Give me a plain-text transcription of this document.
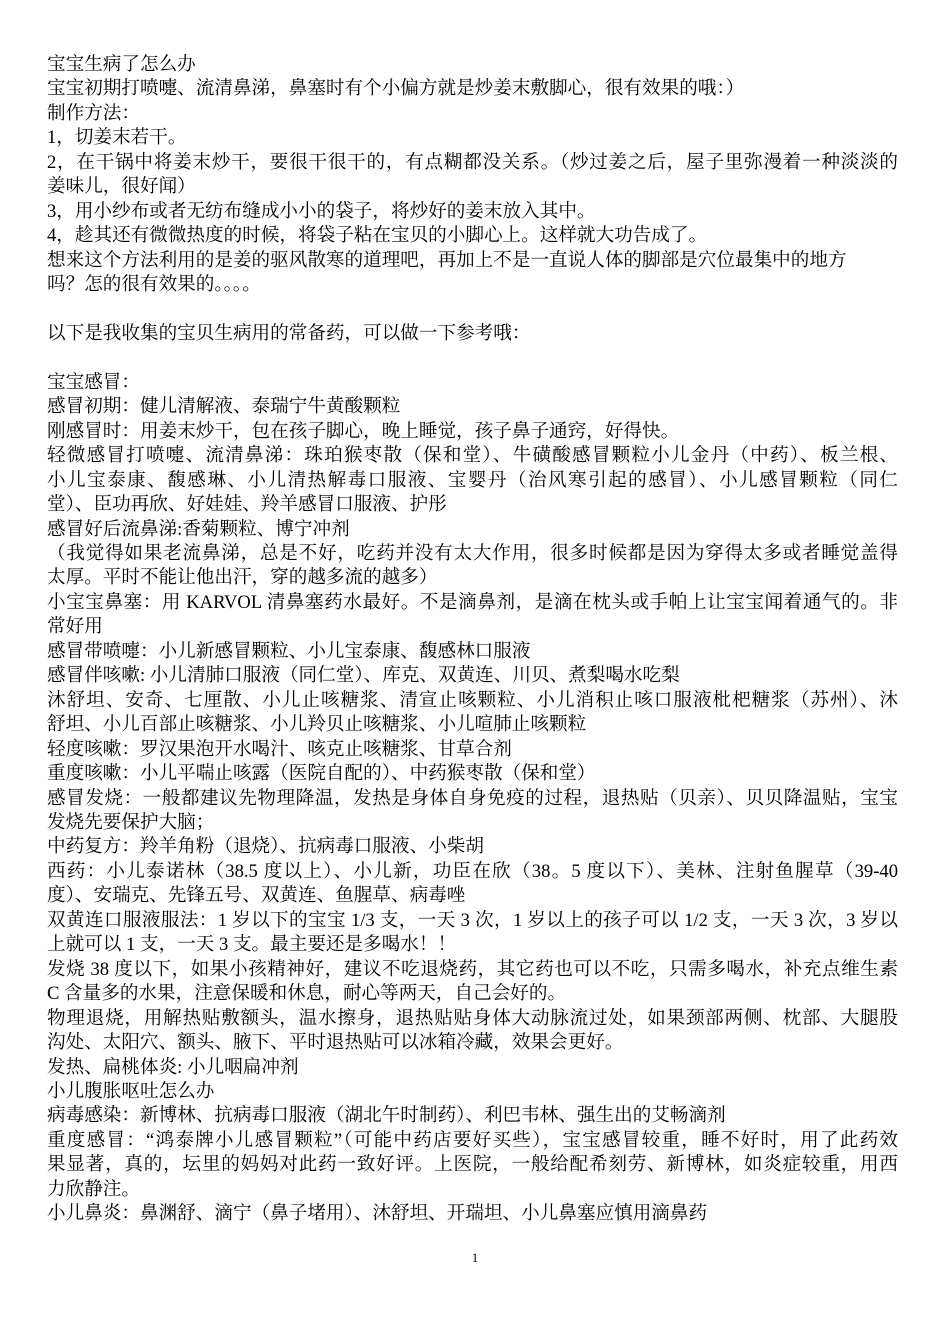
宝宝生病了怎么办
宝宝初期打喷嚏、流清鼻涕，鼻塞时有个小偏方就是炒姜末敷脚心，很有效果的哦：）
制作方法：
1，切姜末若干。
2，在干锅中将姜末炒干，要很干很干的，有点糊都没关系。（炒过姜之后，屋子里弥漫着一种淡淡的
姜味儿，很好闻）
3，用小纱布或者无纺布缝成小小的袋子，将炒好的姜末放入其中。
4，趁其还有微微热度的时候，将袋子粘在宝贝的小脚心上。这样就大功告成了。
想来这个方法利用的是姜的驱风散寒的道理吧，再加上不是一直说人体的脚部是穴位最集中的地方
吗？怎的很有效果的。。。。
以下是我收集的宝贝生病用的常备药，可以做一下参考哦：
宝宝感冒：
感冒初期：健儿清解液、泰瑞宁牛黄酸颗粒
刚感冒时：用姜末炒干，包在孩子脚心，晚上睡觉，孩子鼻子通窍，好得快。
轻微感冒打喷嚏、流清鼻涕：珠珀猴枣散（保和堂）、牛磺酸感冒颗粒小儿金丹（中药）、板兰根、
小儿宝泰康、馥感琳、小儿清热解毒口服液、宝婴丹（治风寒引起的感冒）、小儿感冒颗粒（同仁
堂）、臣功再欣、好娃娃、羚羊感冒口服液、护彤
感冒好后流鼻涕:香菊颗粒、博宁冲剂
（我觉得如果老流鼻涕，总是不好，吃药并没有太大作用，很多时候都是因为穿得太多或者睡觉盖得
太厚。平时不能让他出汗，穿的越多流的越多）
小宝宝鼻塞：用 KARVOL 清鼻塞药水最好。不是滴鼻剂，是滴在枕头或手帕上让宝宝闻着通气的。非
常好用
感冒带喷嚏：小儿新感冒颗粒、小儿宝泰康、馥感林口服液
感冒伴咳嗽: 小儿清肺口服液（同仁堂）、库克、双黄连、川贝、煮梨喝水吃梨
沐舒坦、安奇、七厘散、小儿止咳糖浆、清宣止咳颗粒、小儿消积止咳口服液枇杷糖浆（苏州）、沐
舒坦、小儿百部止咳糖浆、小儿羚贝止咳糖浆、小儿喧肺止咳颗粒
轻度咳嗽：罗汉果泡开水喝汁、咳克止咳糖浆、甘草合剂
重度咳嗽：小儿平喘止咳露（医院自配的）、中药猴枣散（保和堂）
感冒发烧：一般都建议先物理降温，发热是身体自身免疫的过程，退热贴（贝亲）、贝贝降温贴，宝宝
发烧先要保护大脑；
中药复方：羚羊角粉（退烧）、抗病毒口服液、小柴胡
西药：小儿泰诺林（38.5 度以上）、小儿新，功臣在欣（38。5 度以下）、美林、注射鱼腥草（39-40
度）、安瑞克、先锋五号、双黄连、鱼腥草、病毒唑
双黄连口服液服法：1 岁以下的宝宝 1/3 支，一天 3 次，1 岁以上的孩子可以 1/2 支，一天 3 次，3 岁以
上就可以 1 支，一天 3 支。最主要还是多喝水！！
发烧 38 度以下，如果小孩精神好，建议不吃退烧药，其它药也可以不吃，只需多喝水，补充点维生素
C 含量多的水果，注意保暖和休息，耐心等两天，自己会好的。
物理退烧，用解热贴敷额头，温水擦身，退热贴贴身体大动脉流过处，如果颈部两侧、枕部、大腿股
沟处、太阳穴、额头、腋下、平时退热贴可以冰箱冷藏，效果会更好。
发热、扁桃体炎: 小儿咽扁冲剂
小儿腹胀呕吐怎么办
病毒感染：新博林、抗病毒口服液（湖北午时制药）、利巴韦林、强生出的艾畅滴剂
重度感冒：“鸿泰牌小儿感冒颗粒”（可能中药店要好买些），宝宝感冒较重，睡不好时，用了此药效
果显著，真的，坛里的妈妈对此药一致好评。上医院，一般给配希刻劳、新博林，如炎症较重，用西
力欣静注。
小儿鼻炎：鼻渊舒、滴宁（鼻子堵用）、沐舒坦、开瑞坦、小儿鼻塞应慎用滴鼻药
1
